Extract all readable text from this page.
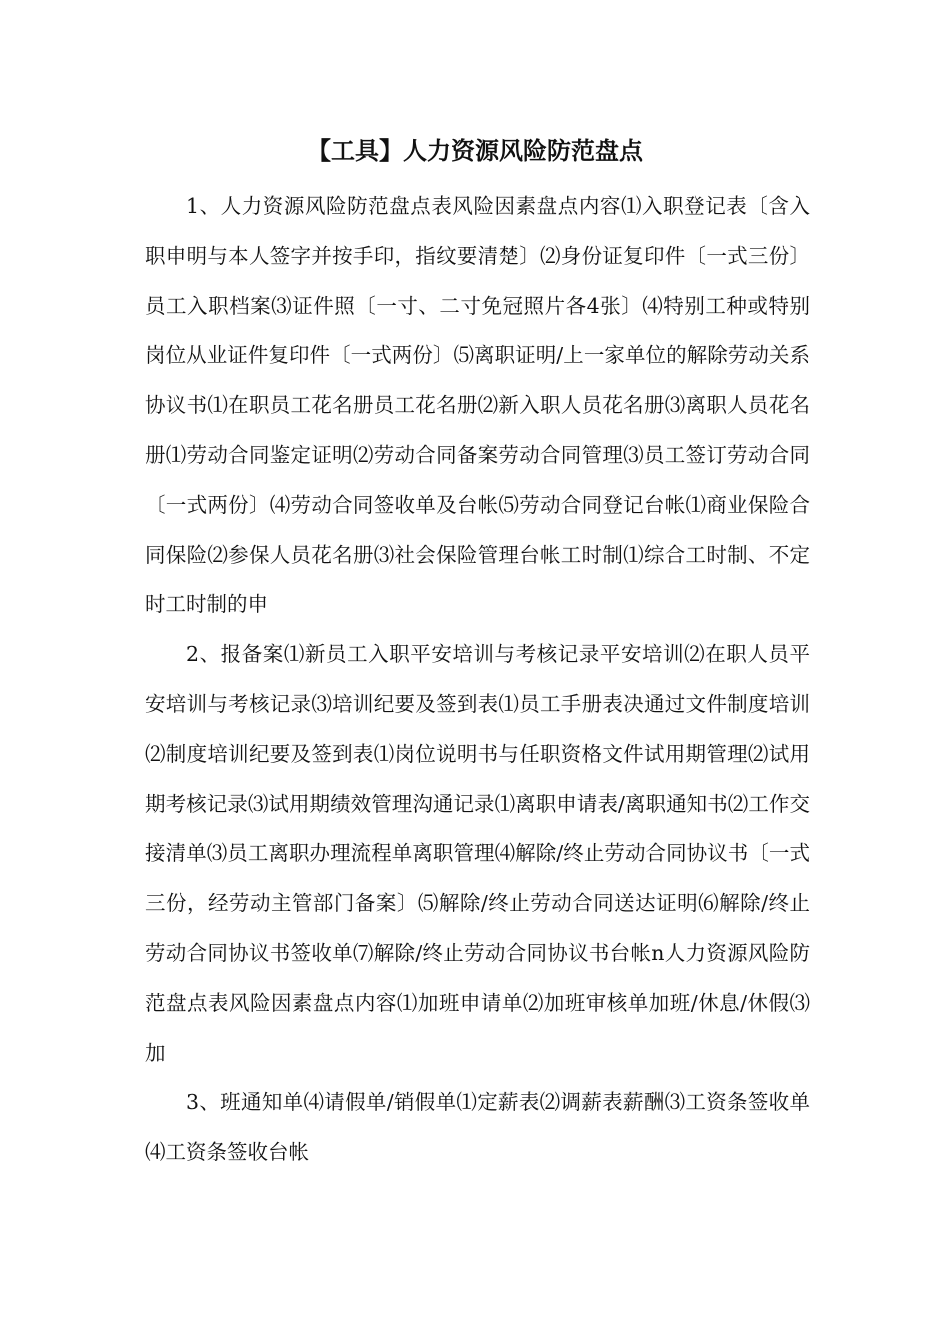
【工具】人力资源风险防范盘点

1、人力资源风险防范盘点表风险因素盘点内容⑴入职登记表〔含入职申明与本人签字并按手印，指纹要清楚〕⑵身份证复印件〔一式三份〕员工入职档案⑶证件照〔一寸、二寸免冠照片各4张〕⑷特别工种或特别岗位从业证件复印件〔一式两份〕⑸离职证明/上一家单位的解除劳动关系协议书⑴在职员工花名册员工花名册⑵新入职人员花名册⑶离职人员花名册⑴劳动合同鉴定证明⑵劳动合同备案劳动合同管理⑶员工签订劳动合同〔一式两份〕⑷劳动合同签收单及台帐⑸劳动合同登记台帐⑴商业保险合同保险⑵参保人员花名册⑶社会保险管理台帐工时制⑴综合工时制、不定时工时制的申

2、报备案⑴新员工入职平安培训与考核记录平安培训⑵在职人员平安培训与考核记录⑶培训纪要及签到表⑴员工手册表决通过文件制度培训⑵制度培训纪要及签到表⑴岗位说明书与任职资格文件试用期管理⑵试用期考核记录⑶试用期绩效管理沟通记录⑴离职申请表/离职通知书⑵工作交接清单⑶员工离职办理流程单离职管理⑷解除/终止劳动合同协议书〔一式三份，经劳动主管部门备案〕⑸解除/终止劳动合同送达证明⑹解除/终止劳动合同协议书签收单⑺解除/终止劳动合同协议书台帐n人力资源风险防范盘点表风险因素盘点内容⑴加班申请单⑵加班审核单加班/休息/休假⑶加

3、班通知单⑷请假单/销假单⑴定薪表⑵调薪表薪酬⑶工资条签收单⑷工资条签收台帐
